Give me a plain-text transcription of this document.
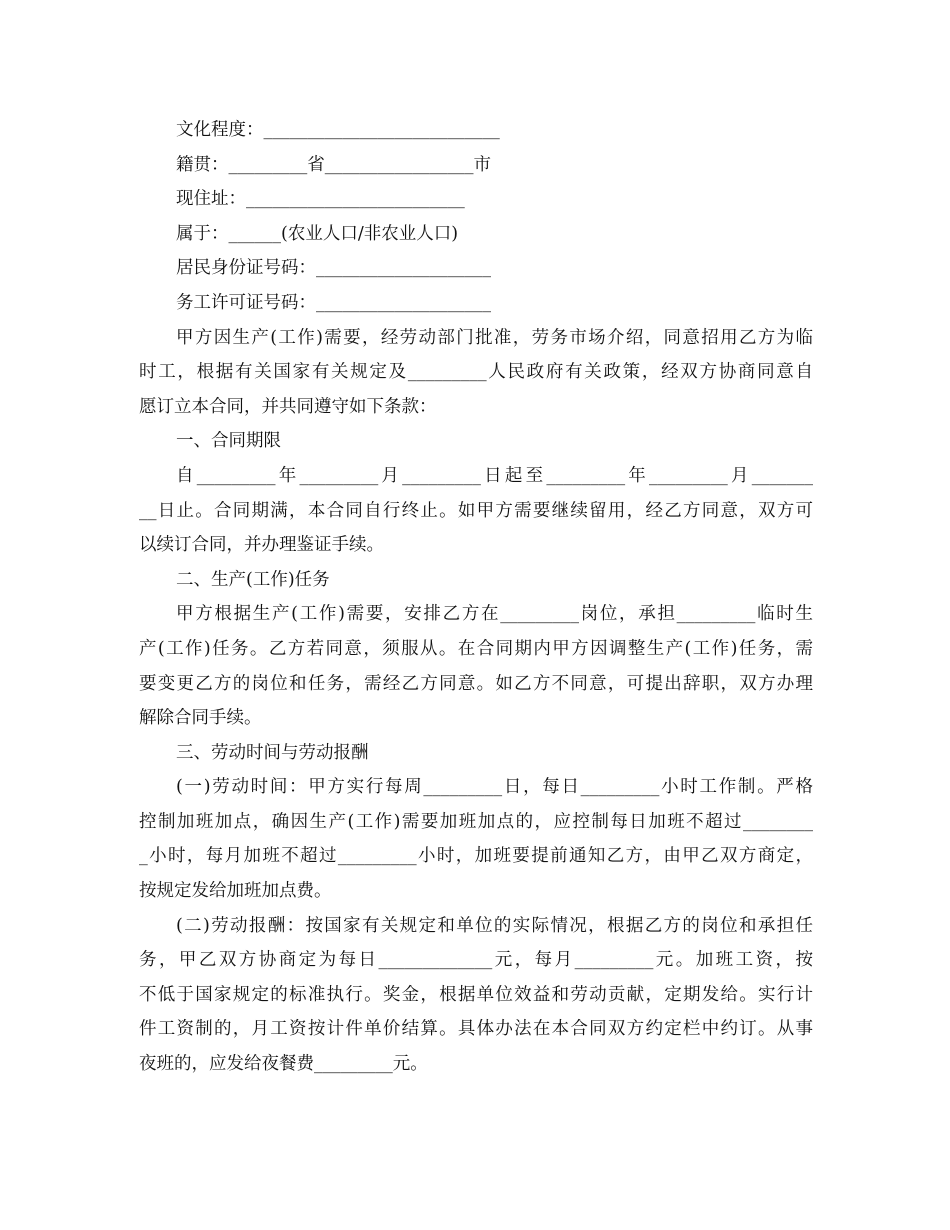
文化程度：___________________________
籍贯：_________省_________________市
现住址：_________________________
属于：______(农业人口/非农业人口)
居民身份证号码：____________________
务工许可证号码：____________________
甲方因生产(工作)需要，经劳动部门批准，劳务市场介绍，同意招用乙方为临
时工，根据有关国家有关规定及_________人民政府有关政策，经双方协商同意自
愿订立本合同，并共同遵守如下条款：
一、合同期限
自_________年_________月_________日起至_________年_________月_______
__日止。合同期满，本合同自行终止。如甲方需要继续留用，经乙方同意，双方可
以续订合同，并办理鉴证手续。
二、生产(工作)任务
甲方根据生产(工作)需要，安排乙方在_________岗位，承担_________临时生
产(工作)任务。乙方若同意，须服从。在合同期内甲方因调整生产(工作)任务，需
要变更乙方的岗位和任务，需经乙方同意。如乙方不同意，可提出辞职，双方办理
解除合同手续。
三、劳动时间与劳动报酬
(一)劳动时间：甲方实行每周_________日，每日_________小时工作制。严格
控制加班加点，确因生产(工作)需要加班加点的，应控制每日加班不超过________
_小时，每月加班不超过_________小时，加班要提前通知乙方，由甲乙双方商定，
按规定发给加班加点费。
(二)劳动报酬：按国家有关规定和单位的实际情况，根据乙方的岗位和承担任
务，甲乙双方协商定为每日_____________元，每月_________元。加班工资，按
不低于国家规定的标准执行。奖金，根据单位效益和劳动贡献，定期发给。实行计
件工资制的，月工资按计件单价结算。具体办法在本合同双方约定栏中约订。从事
夜班的，应发给夜餐费_________元。
